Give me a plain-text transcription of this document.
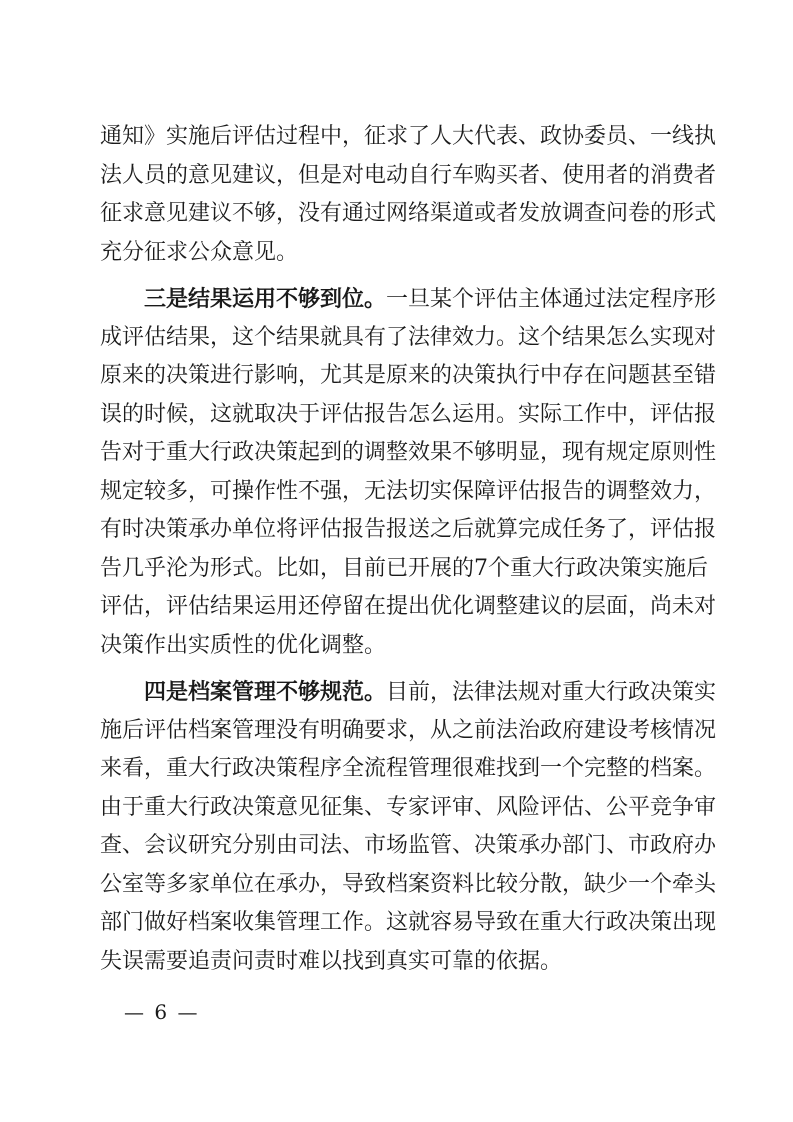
通知》实施后评估过程中，征求了人大代表、政协委员、一线执
法人员的意见建议，但是对电动自行车购买者、使用者的消费者
征求意见建议不够，没有通过网络渠道或者发放调查问卷的形式
充分征求公众意见。
三是结果运用不够到位。一旦某个评估主体通过法定程序形
成评估结果，这个结果就具有了法律效力。这个结果怎么实现对
原来的决策进行影响，尤其是原来的决策执行中存在问题甚至错
误的时候，这就取决于评估报告怎么运用。实际工作中，评估报
告对于重大行政决策起到的调整效果不够明显，现有规定原则性
规定较多，可操作性不强，无法切实保障评估报告的调整效力，
有时决策承办单位将评估报告报送之后就算完成任务了，评估报
告几乎沦为形式。比如，目前已开展的7个重大行政决策实施后
评估，评估结果运用还停留在提出优化调整建议的层面，尚未对
决策作出实质性的优化调整。
四是档案管理不够规范。目前，法律法规对重大行政决策实
施后评估档案管理没有明确要求，从之前法治政府建设考核情况
来看，重大行政决策程序全流程管理很难找到一个完整的档案。
由于重大行政决策意见征集、专家评审、风险评估、公平竞争审
查、会议研究分别由司法、市场监管、决策承办部门、市政府办
公室等多家单位在承办，导致档案资料比较分散，缺少一个牵头
部门做好档案收集管理工作。这就容易导致在重大行政决策出现
失误需要追责问责时难以找到真实可靠的依据。
— 6 —
